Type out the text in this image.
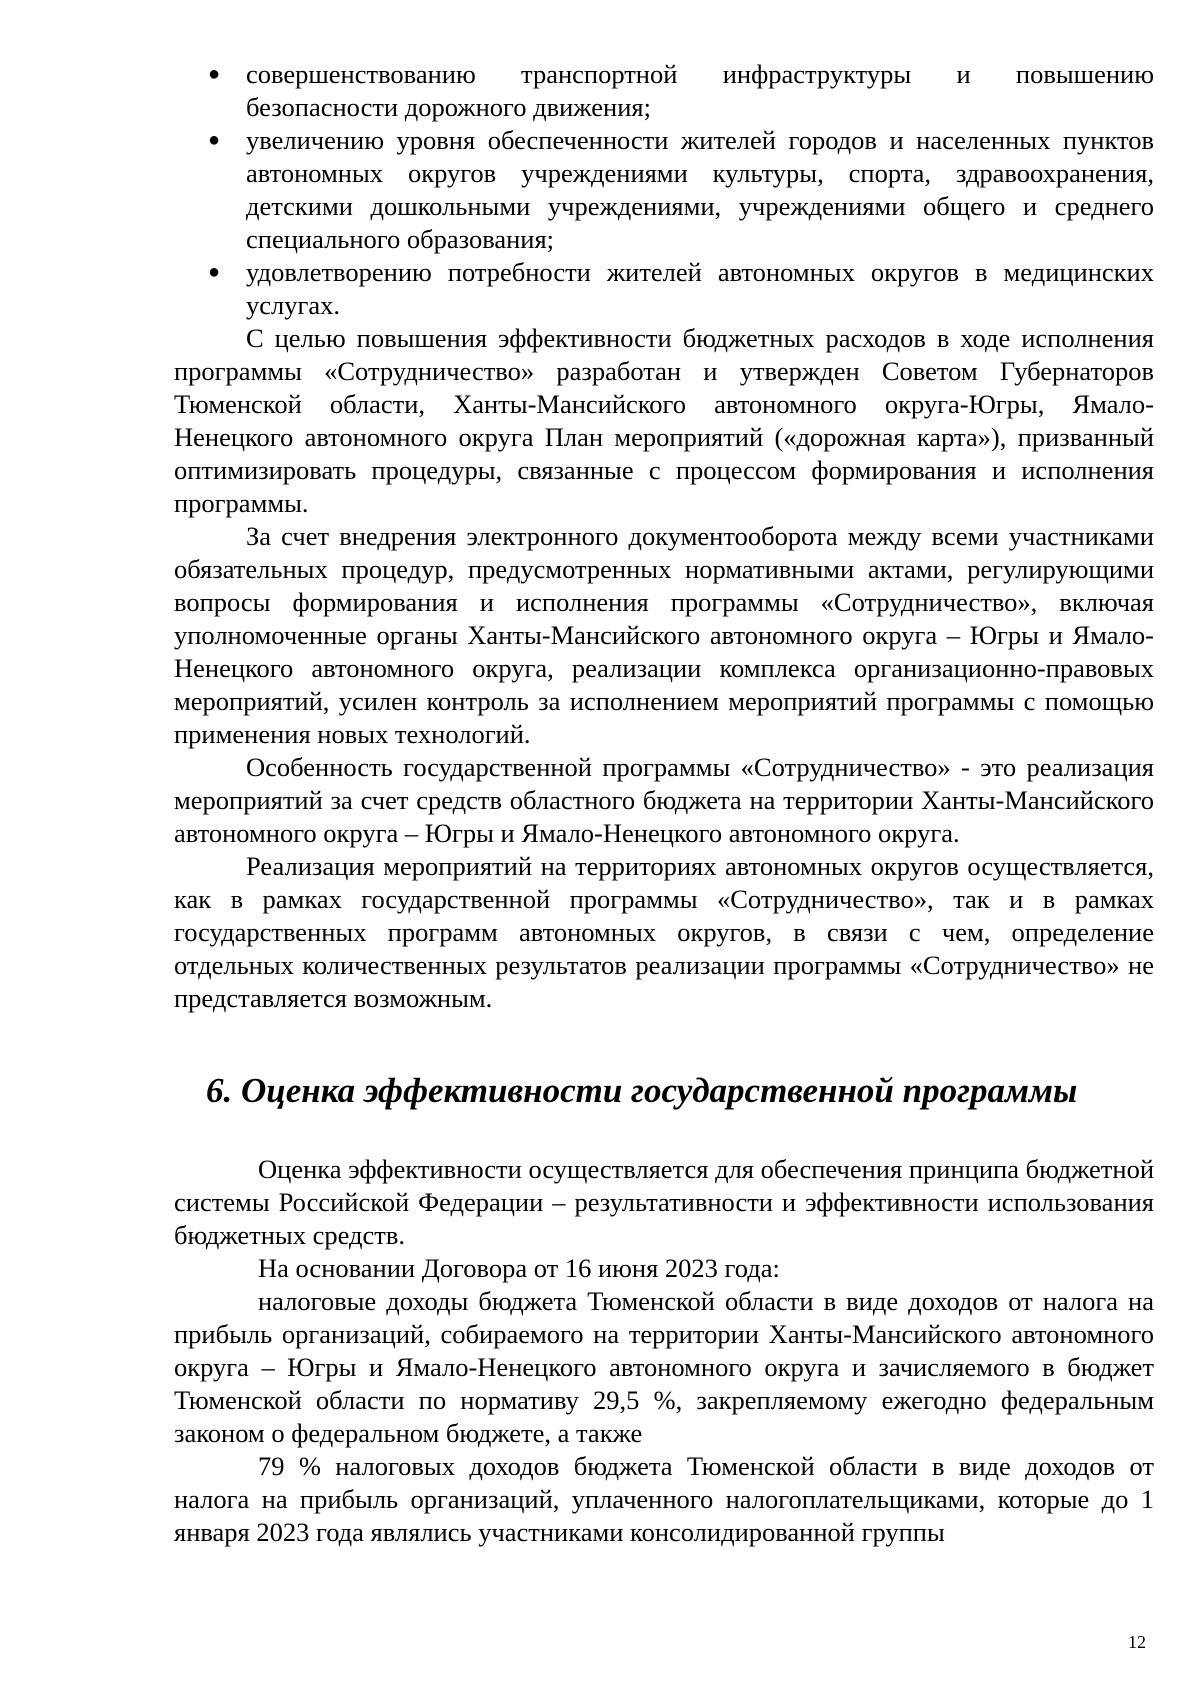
● совершенствованию транспортной инфраструктуры и повышению безопасности дорожного движения;
● увеличению уровня обеспеченности жителей городов и населенных пунктов автономных округов учреждениями культуры, спорта, здравоохранения, детскими дошкольными учреждениями, учреждениями общего и среднего специального образования;
● удовлетворению потребности жителей автономных округов в медицинских услугах.

С целью повышения эффективности бюджетных расходов в ходе исполнения программы «Сотрудничество» разработан и утвержден Советом Губернаторов Тюменской области, Ханты-Мансийского автономного округа-Югры, Ямало-Ненецкого автономного округа План мероприятий («дорожная карта»), призванный оптимизировать процедуры, связанные с процессом формирования и исполнения программы.

За счет внедрения электронного документооборота между всеми участниками обязательных процедур, предусмотренных нормативными актами, регулирующими вопросы формирования и исполнения программы «Сотрудничество», включая уполномоченные органы Ханты-Мансийского автономного округа – Югры и Ямало-Ненецкого автономного округа, реализации комплекса организационно-правовых мероприятий, усилен контроль за исполнением мероприятий программы с помощью применения новых технологий.

Особенность государственной программы «Сотрудничество» - это реализация мероприятий за счет средств областного бюджета на территории Ханты-Мансийского автономного округа – Югры и Ямало-Ненецкого автономного округа.

Реализация мероприятий на территориях автономных округов осуществляется, как в рамках государственной программы «Сотрудничество», так и в рамках государственных программ автономных округов, в связи с чем, определение отдельных количественных результатов реализации программы «Сотрудничество» не представляется возможным.

6. Оценка эффективности государственной программы

Оценка эффективности осуществляется для обеспечения принципа бюджетной системы Российской Федерации – результативности и эффективности использования бюджетных средств.

На основании Договора от 16 июня 2023 года:

налоговые доходы бюджета Тюменской области в виде доходов от налога на прибыль организаций, собираемого на территории Ханты-Мансийского автономного округа – Югры и Ямало-Ненецкого автономного округа и зачисляемого в бюджет Тюменской области по нормативу 29,5 %, закрепляемому ежегодно федеральным законом о федеральном бюджете, а также

79 % налоговых доходов бюджета Тюменской области в виде доходов от налога на прибыль организаций, уплаченного налогоплательщиками, которые до 1 января 2023 года являлись участниками консолидированной группы

12
